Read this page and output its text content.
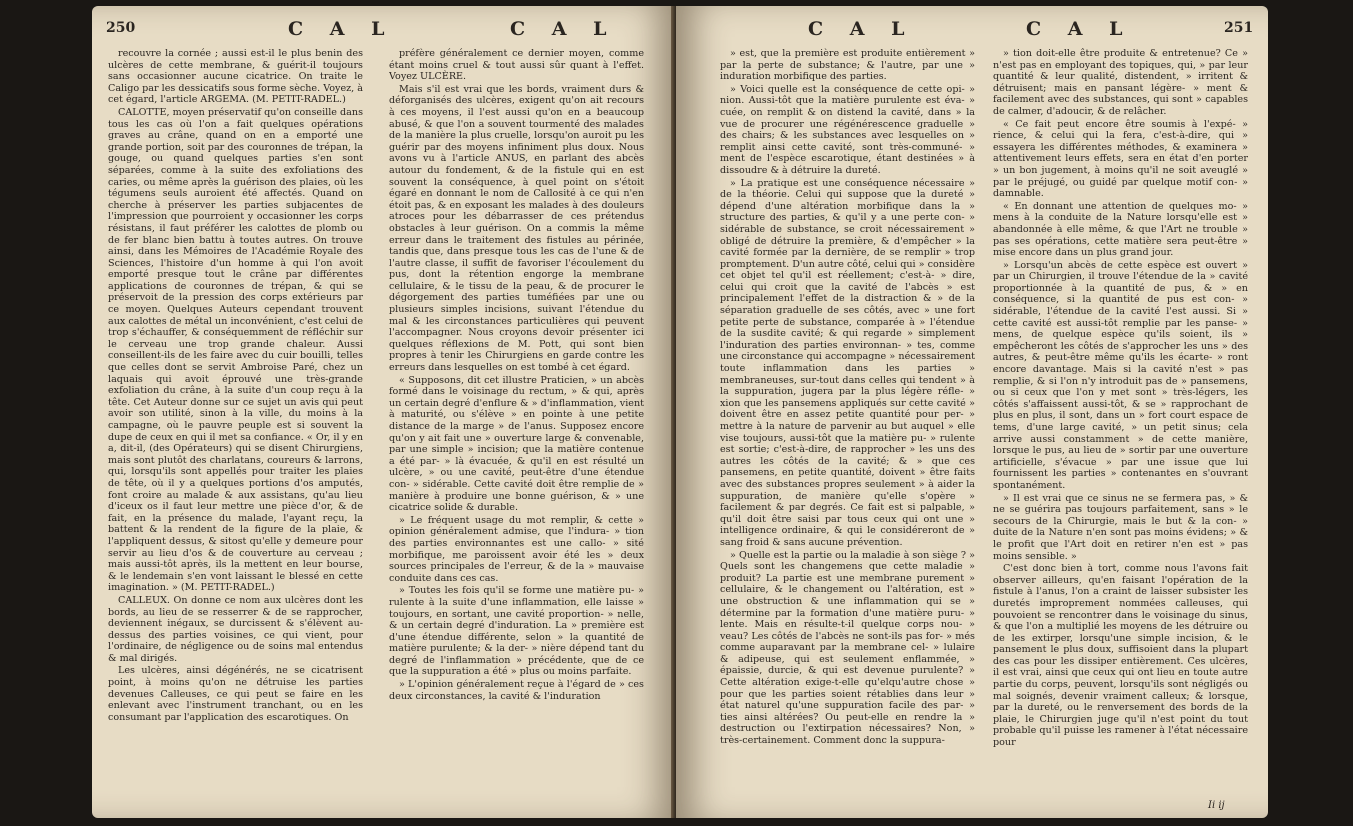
250	C A L	C A L

recouvre la cornée ; aussi est-il le plus benin des ulcères de cette membrane, & guérit-il toujours sans occasionner aucune cicatrice. On traite le Caligo par les dessicatifs sous forme sèche. Voyez, à cet égard, l'article ARGEMA. (M. PETIT-RADEL.)

CALOTTE, moyen préservatif qu'on conseille dans tous les cas où l'on a fait quelques opérations graves au crâne, quand on en a emporté une grande portion, soit par des couronnes de trépan, la gouge, ou quand quelques parties s'en sont séparées, comme à la suite des exfoliations des caries, ou même après la guérison des plaies, où les tégumens seuls auroient été affectés. Quand on cherche à préserver les parties subjacentes de l'impression que pourroient y occasionner les corps résistans, il faut préférer les calottes de plomb ou de fer blanc bien battu à toutes autres. On trouve ainsi, dans les Mémoires de l'Académie Royale des Sciences, l'histoire d'un homme à qui l'on avoit emporté presque tout le crâne par différentes applications de couronnes de trépan, & qui se préservoit de la pression des corps extérieurs par ce moyen. Quelques Auteurs cependant trouvent aux calottes de métal un inconvénient, c'est celui de trop s'échauffer, & conséquemment de réfléchir sur le cerveau une trop grande chaleur. Aussi conseillent-ils de les faire avec du cuir bouilli, telles que celles dont se servit Ambroise Paré, chez un laquais qui avoit éprouvé une très-grande exfoliation du crâne, à la suite d'un coup reçu à la tête. Cet Auteur donne sur ce sujet un avis qui peut avoir son utilité, sinon à la ville, du moins à la campagne, où le pauvre peuple est si souvent la dupe de ceux en qui il met sa confiance. « Or, il y en a, dit-il, (des Opérateurs) qui se disent Chirurgiens, mais sont plutôt des charlatans, coureurs & larrons, qui, lorsqu'ils sont appellés pour traiter les plaies de tête, où il y a quelques portions d'os amputés, font croire au malade & aux assistans, qu'au lieu d'iceux os il faut leur mettre une pièce d'or, & de fait, en la présence du malade, l'ayant reçu, la battent & la rendent de la figure de la plaie, & l'appliquent dessus, & sitost qu'elle y demeure pour servir au lieu d'os & de couverture au cerveau ; mais aussi-tôt après, ils la mettent en leur bourse, & le lendemain s'en vont laissant le blessé en cette imagination. » (M. PETIT-RADEL.)

CALLEUX. On donne ce nom aux ulcères dont les bords, au lieu de se resserrer & de se rapprocher, deviennent inégaux, se durcissent & s'élèvent au-dessus des parties voisines, ce qui vient, pour l'ordinaire, de négligence ou de soins mal entendus & mal dirigés.

Les ulcères, ainsi dégénérés, ne se cicatrisent point, à moins qu'on ne détruise les parties devenues Calleuses, ce qui peut se faire en les enlevant avec l'instrument tranchant, ou en les consumant par l'application des escarotiques. On

préfère généralement ce dernier moyen, comme étant moins cruel & tout aussi sûr quant à l'effet. Voyez ULCÈRE.

Mais s'il est vrai que les bords, vraiment durs & déforganisés des ulcères, exigent qu'on ait recours à ces moyens, il l'est aussi qu'on en a beaucoup abusé, & que l'on a souvent tourmenté des malades de la manière la plus cruelle, lorsqu'on auroit pu les guérir par des moyens infiniment plus doux. Nous avons vu à l'article ANUS, en parlant des abcès autour du fondement, & de la fistule qui en est souvent la conséquence, à quel point on s'étoit égaré en donnant le nom de Callosité à ce qui n'en étoit pas, & en exposant les malades à des douleurs atroces pour les débarrasser de ces prétendus obstacles à leur guérison. On a commis la même erreur dans le traitement des fistules au périnée, tandis que, dans presque tous les cas de l'une & de l'autre classe, il suffit de favoriser l'écoulement du pus, dont la rétention engorge la membrane cellulaire, & le tissu de la peau, & de procurer le dégorgement des parties tuméfiées par une ou plusieurs simples incisions, suivant l'étendue du mal & les circonstances particulières qui peuvent l'accompagner. Nous croyons devoir présenter ici quelques réflexions de M. Pott, qui sont bien propres à tenir les Chirurgiens en garde contre les erreurs dans lesquelles on est tombé à cet égard.

« Supposons, dit cet illustre Praticien, » un abcès formé dans le voisinage du rectum, » & qui, après un certain degré d'enflure & » d'inflammation, vient à maturité, ou s'élève » en pointe à une petite distance de la marge » de l'anus. Supposez encore qu'on y ait fait une » ouverture large & convenable, par une simple » incision; que la matière contenue a été par- » là évacuée, & qu'il en est résulté un ulcère, » ou une cavité, peut-être d'une étendue con- » sidérable. Cette cavité doit être remplie de » manière à produire une bonne guérison, & » une cicatrice solide & durable.

» Le fréquent usage du mot remplir, & cette » opinion généralement admise, que l'indura- » tion des parties environnantes est une callo- » sité morbifique, me paroissent avoir été les » deux sources principales de l'erreur, & de la » mauvaise conduite dans ces cas.

» Toutes les fois qu'il se forme une matière pu- » rulente à la suite d'une inflammation, elle laisse » toujours, en sortant, une cavité proportion- » nelle, & un certain degré d'induration. La » première est d'une étendue différente, selon » la quantité de matière purulente; & la der- » nière dépend tant du degré de l'inflammation » précédente, que de ce que la suppuration a été » plus ou moins parfaite.

» L'opinion généralement reçue à l'égard de » ces deux circonstances, la cavité & l'induration

C A L	C A L	251

» est, que la première est produite entièrement » par la perte de substance; & l'autre, par une » induration morbifique des parties.

» Voici quelle est la conséquence de cette opi- » nion. Aussi-tôt que la matière purulente est éva- » cuée, on remplit & on distend la cavité, dans » la vue de procurer une régénérescence graduelle » des chairs; & les substances avec lesquelles on » remplit ainsi cette cavité, sont très-communé- » ment de l'espèce escarotique, étant destinées » à dissoudre & à détruire la dureté.

» La pratique est une conséquence nécessaire » de la théorie. Celui qui suppose que la dureté » dépend d'une altération morbifique dans la » structure des parties, & qu'il y a une perte con- » sidérable de substance, se croit nécessairement » obligé de détruire la première, & d'empêcher » la cavité formée par la dernière, de se remplir » trop promptement. D'un autre côté, celui qui » considère cet objet tel qu'il est réellement; c'est-à- » dire, celui qui croit que la cavité de l'abcès » est principalement l'effet de la distraction & » de la séparation graduelle de ses côtés, avec » une fort petite perte de substance, comparée à » l'étendue de la susdite cavité; & qui regarde » simplement l'induration des parties environnan- » tes, comme une circonstance qui accompagne » nécessairement toute inflammation dans les parties » membraneuses, sur-tout dans celles qui tendent » à la suppuration, jugera par la plus légère réfle- » xion que les pansemens appliqués sur cette cavité » doivent être en assez petite quantité pour per- » mettre à la nature de parvenir au but auquel » elle vise toujours, aussi-tôt que la matière pu- » rulente est sortie; c'est-à-dire, de rapprocher » les uns des autres les côtés de la cavité; & » que ces pansemens, en petite quantité, doivent » être faits avec des substances propres seulement » à aider la suppuration, de manière qu'elle s'opère » facilement & par degrés. Ce fait est si palpable, » qu'il doit être saisi par tous ceux qui ont une » intelligence ordinaire, & qui le considéreront de » sang froid & sans aucune prévention.

» Quelle est la partie ou la maladie à son siège ? » Quels sont les changemens que cette maladie » produit? La partie est une membrane purement » cellulaire, & le changement ou l'altération, est » une obstruction & une inflammation qui se » détermine par la formation d'une matière puru- » lente. Mais en résulte-t-il quelque corps nou- » veau? Les côtés de l'abcès ne sont-ils pas for- » més comme auparavant par la membrane cel- » lulaire & adipeuse, qui est seulement enflammée, » épaissie, durcie, & qui est devenue purulente? » Cette altération exige-t-elle qu'elqu'autre chose » pour que les parties soient rétablies dans leur » état naturel qu'une suppuration facile des par- » ties ainsi altérées? Ou peut-elle en rendre la » destruction ou l'extirpation nécessaires? Non, » très-certainement. Comment donc la suppura-

» tion doit-elle être produite & entretenue? Ce » n'est pas en employant des topiques, qui, » par leur quantité & leur qualité, distendent, » irritent & détruisent; mais en pansant légère- » ment & facilement avec des substances, qui sont » capables de calmer, d'adoucir, & de relâcher.

« Ce fait peut encore être soumis à l'expé- » rience, & celui qui la fera, c'est-à-dire, qui » essayera les différentes méthodes, & examinera » attentivement leurs effets, sera en état d'en porter » un bon jugement, à moins qu'il ne soit aveuglé » par le préjugé, ou guidé par quelque motif con- » damnable.

« En donnant une attention de quelques mo- » mens à la conduite de la Nature lorsqu'elle est » abandonnée à elle même, & que l'Art ne trouble » pas ses opérations, cette matière sera peut-être » mise encore dans un plus grand jour.

» Lorsqu'un abcès de cette espèce est ouvert » par un Chirurgien, il trouve l'étendue de la » cavité proportionnée à la quantité de pus, & » en conséquence, si la quantité de pus est con- » sidérable, l'étendue de la cavité l'est aussi. Si » cette cavité est aussi-tôt remplie par les panse- » mens, de quelque espèce qu'ils soient, ils » empêcheront les côtés de s'approcher les uns » des autres, & peut-être même qu'ils les écarte- » ront encore davantage. Mais si la cavité n'est » pas remplie, & si l'on n'y introduit pas de » pansemens, ou si ceux que l'on y met sont » très-légers, les côtés s'affaissent aussi-tôt, & se » rapprochant de plus en plus, il sont, dans un » fort court espace de tems, d'une large cavité, » un petit sinus; cela arrive aussi constamment » de cette manière, lorsque le pus, au lieu de » sortir par une ouverture artificielle, s'évacue » par une issue que lui fournissent les parties » contenantes en s'ouvrant spontanément.

» Il est vrai que ce sinus ne se fermera pas, » & ne se guérira pas toujours parfaitement, sans » le secours de la Chirurgie, mais le but & la con- » duite de la Nature n'en sont pas moins évidens; » & le profit que l'Art doit en retirer n'en est » pas moins sensible. »

C'est donc bien à tort, comme nous l'avons fait observer ailleurs, qu'en faisant l'opération de la fistule à l'anus, l'on a craint de laisser subsister les duretés improprement nommées calleuses, qui pouvoient se rencontrer dans le voisinage du sinus, & que l'on a multiplié les moyens de les détruire ou de les extirper, lorsqu'une simple incision, & le pansement le plus doux, suffisoient dans la plupart des cas pour les dissiper entièrement. Ces ulcères, il est vrai, ainsi que ceux qui ont lieu en toute autre partie du corps, peuvent, lorsqu'ils sont négligés ou mal soignés, devenir vraiment calleux; & lorsque, par la dureté, ou le renversement des bords de la plaie, le Chirurgien juge qu'il n'est point du tout probable qu'il puisse les ramener à l'état nécessaire pour

Ii ij
